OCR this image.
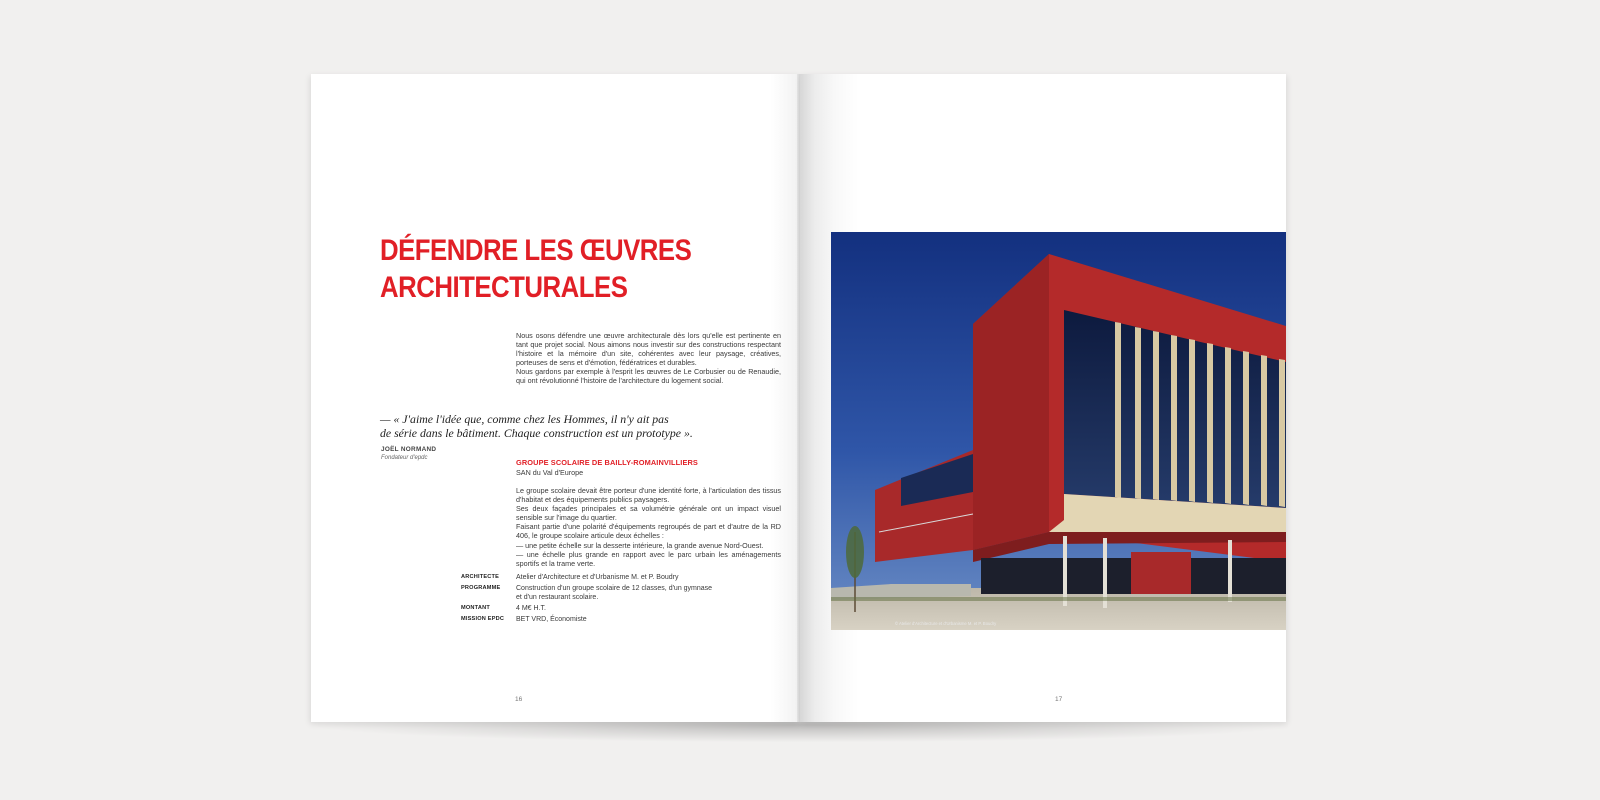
DÉFENDRE LES ŒUVRES
ARCHITECTURALES

Nous osons défendre une œuvre architecturale dès lors qu'elle est pertinente en tant que projet social. Nous aimons nous investir sur des constructions respectant l'histoire et la mémoire d'un site, cohérentes avec leur paysage, créatives, porteuses de sens et d'émotion, fédératrices et durables.

Nous gardons par exemple à l'esprit les œuvres de Le Corbusier ou de Renaudie, qui ont révolutionné l'histoire de l'architecture du logement social.

— « J'aime l'idée que, comme chez les Hommes, il n'y ait pas
de série dans le bâtiment. Chaque construction est un prototype ».
JOËL NORMAND
Fondateur d'epdc	GROUPE SCOLAIRE DE BAILLY-ROMAINVILLIERS
SAN du Val d'Europe
Le groupe scolaire devait être porteur d'une identité forte, à l'articulation des tissus d'habitat et des équipements publics paysagers.
Ses deux façades principales et sa volumétrie générale ont un impact visuel sensible sur l'image du quartier.
Faisant partie d'une polarité d'équipements regroupés de part et d'autre de la RD 406, le groupe scolaire articule deux échelles :
— une petite échelle sur la desserte intérieure, la grande avenue Nord-Ouest.
— une échelle plus grande en rapport avec le parc urbain les aménagements sportifs et la trame verte.
ARCHITECTE	Atelier d'Architecture et d'Urbanisme M. et P. Boudry
PROGRAMME	Construction d'un groupe scolaire de 12 classes, d'un gymnase
et d'un restaurant scolaire.
MONTANT	4 M€ H.T.
MISSION EPDC	BET VRD, Économiste
16
© Atelier d'Architecture et d'Urbanisme M. et P. Boudry
17
